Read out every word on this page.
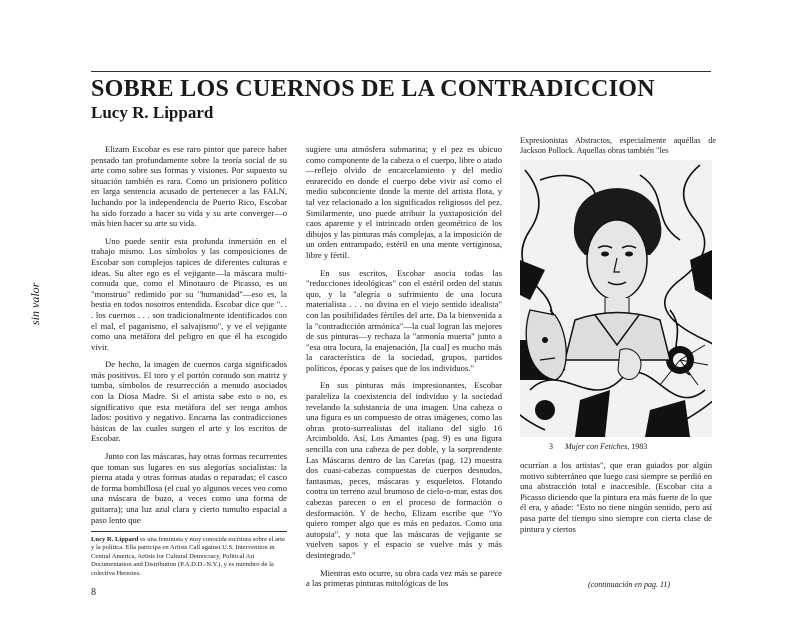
SOBRE LOS CUERNOS DE LA CONTRADICCION
Lucy R. Lippard
sin valor

Elizam Escobar es ese raro pintor que parece haber pensado tan profundamente sobre la teoría social de su arte como sobre sus formas y visiones. Por supuesto su situación también es rara. Como un prisionero político en larga sentencia acusado de pertenecer a las FALN, luchando por la independencia de Puerto Rico, Escobar ha sido forzado a hacer su vida y su arte converger—o más bien hacer su arte su vida.

Uno puede sentir esta profunda inmersión en el trabajo mismo. Los símbolos y las composiciones de Escobar son complejos tapices de diferentes culturas e ideas. Su alter ego es el vejigante—la máscara multi-cornuda que, como el Minotauro de Picasso, es un "monstruo" redimido por su "humanidad"—eso es, la bestia en todos nosotros entendida. Escobar dice que ". . . los cuernos . . . son tradicionalmente identificados con el mal, el paganismo, el salvajismo", y ve el vejigante como una metáfora del peligro en que él ha escogido vivir.

De hecho, la imagen de cuernos carga significados más positivos. El toro y el portón cornudo son matriz y tumba, símbolos de resurrección a menudo asociados con la Diosa Madre. Si el artista sabe esto o no, es significativo que esta metáfora del ser tenga ambos lados: positivo y negativo. Encarna las contradicciones básicas de las cuales surgen el arte y los escritos de Escobar.

Junto con las máscaras, hay otras formas recurrentes que toman sus lugares en sus alegorías socialistas: la pierna atada y otras formas atadas o reparadas; el casco de forma bombillosa (el cual yo algunos veces veo como una máscara de buzo, a veces como una forma de guitarra); una luz azul clara y cierto tumulto espacial a paso lento que

Lucy R. Lippard es una feminista y muy conocida escritora sobre el arte y la política. Ella participa en Artists Call against U.S. Intervention in Central America, Artists for Cultural Democracy, Political Art Documentation and Distribution (P.A.D.D.-N.Y.), y es miembro de la colectiva Heresies.
8

sugiere una atmósfera submarina; y el pez es ubicuo como componente de la cabeza o el cuerpo, libre o atado—reflejo olvido de encarcelamiento y del medio enrarecido en donde el cuerpo debe vivir así como el medio subconciente donde la mente del artista flota, y tal vez relacionado a los significados religiosos del pez. Similarmente, uno puede atribuir la yuxtaposición del caos aparente y el intrincado orden geométrico de los dibujos y las pinturas más complejas, a la imposición de un orden entrampado, estéril en una mente vertiginosa, libre y fértil.

En sus escritos, Escobar asocia todas las "reducciones ideológicas" con el estéril orden del status quo, y la "alegría o sufrimiento de una locura materialista . . . no divina en el viejo sentido idealista" con las posibilidades fértiles del arte. Da la bienvenida a la "contradicción armónica"—la cual logran las mejores de sus pinturas—y rechaza la "armonía muerta" junto a "esa otra locura, la enajenación, [la cual] es mucho más la característica de la sociedad, grupos, partidos políticos, épocas y países que de los individuos."

En sus pinturas más impresionantes, Escobar paraleliza la coexistencia del individuo y la sociedad revelando la substancia de una imagen. Una cabeza o una figura es un compuesto de otras imágenes, como las obras proto-surrealistas del italiano del siglo 16 Arcimboldo. Así, Los Amantes (pag. 9) es una figura sencilla con una cabeza de pez doble, y la sorprendente Las Máscaras dentro de las Caretas (pag. 12) muestra dos cuasi-cabezas compuestas de cuerpos desnudos, fantasmas, peces, máscaras y esqueletos. Flotando contra un terreno azul brumoso de cielo-o-mar, estas dos cabezas parecen o en el proceso de formación o desformación. Y de hecho, Elizam escribe que "Yo quiero romper algo que es más en pedazos. Como una autopsia", y nota que las máscaras de vejigante se vuelven sapos y el espacio se vuelve más y más desintegrado."

Mientras esto ocurre, su obra cada vez más se parece a las primeras pinturas mitológicas de los

Expresionistas Abstractos, especialmente aquéllas de Jackson Pollock. Aquellas obras también "les

3 Mujer con Fetiches, 1983

ocurrían a los artistas", que eran guiados por algún motivo subterráneo que luego casi siempre se perdió en una abstracción total e inaccesible. (Escobar cita a Picasso diciendo que la pintura era más fuerte de lo que él era, y añade: "Esto no tiene ningún sentido, pero así pasa parte del tiempo sino siempre con cierta clase de pintura y ciertos

(continuación en pag. 11)
